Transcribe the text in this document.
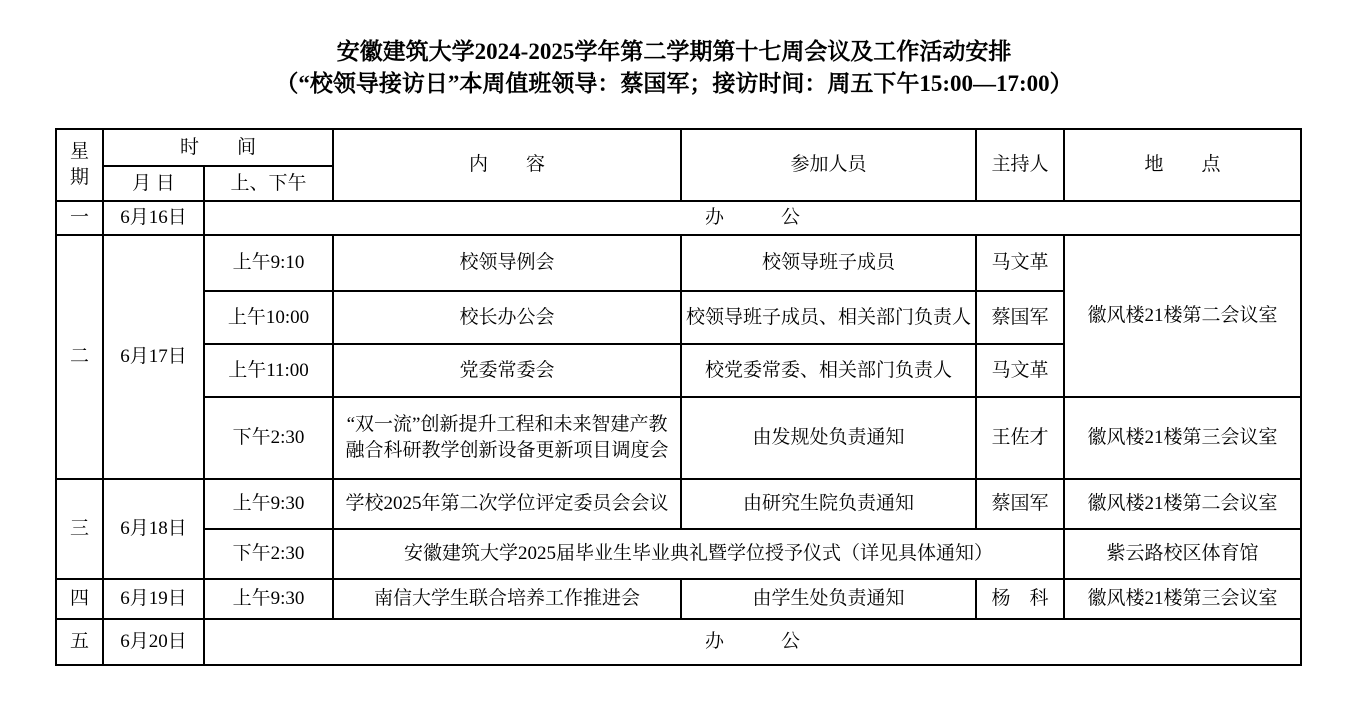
安徽建筑大学2024-2025学年第二学期第十七周会议及工作活动安排
（“校领导接访日”本周值班领导：蔡国军；接访时间：周五下午15:00—17:00）
星期	时　　间		内　　容	参加人员	主持人	地　　点
	月 日	上、下午				
一	6月16日	办　　　公				
二	6月17日	上午9:10	校领导例会	校领导班子成员	马文革	徽风楼21楼第二会议室
		上午10:00	校长办公会	校领导班子成员、相关部门负责人	蔡国军	
		上午11:00	党委常委会	校党委常委、相关部门负责人	马文革	
		下午2:30	“双一流”创新提升工程和未来智建产教融合科研教学创新设备更新项目调度会	由发规处负责通知	王佐才	徽风楼21楼第三会议室
三	6月18日	上午9:30	学校2025年第二次学位评定委员会会议	由研究生院负责通知	蔡国军	徽风楼21楼第二会议室
		下午2:30	安徽建筑大学2025届毕业生毕业典礼暨学位授予仪式（详见具体通知）			紫云路校区体育馆
四	6月19日	上午9:30	南信大学生联合培养工作推进会	由学生处负责通知	杨　科	徽风楼21楼第三会议室
五	6月20日	办　　　公				
